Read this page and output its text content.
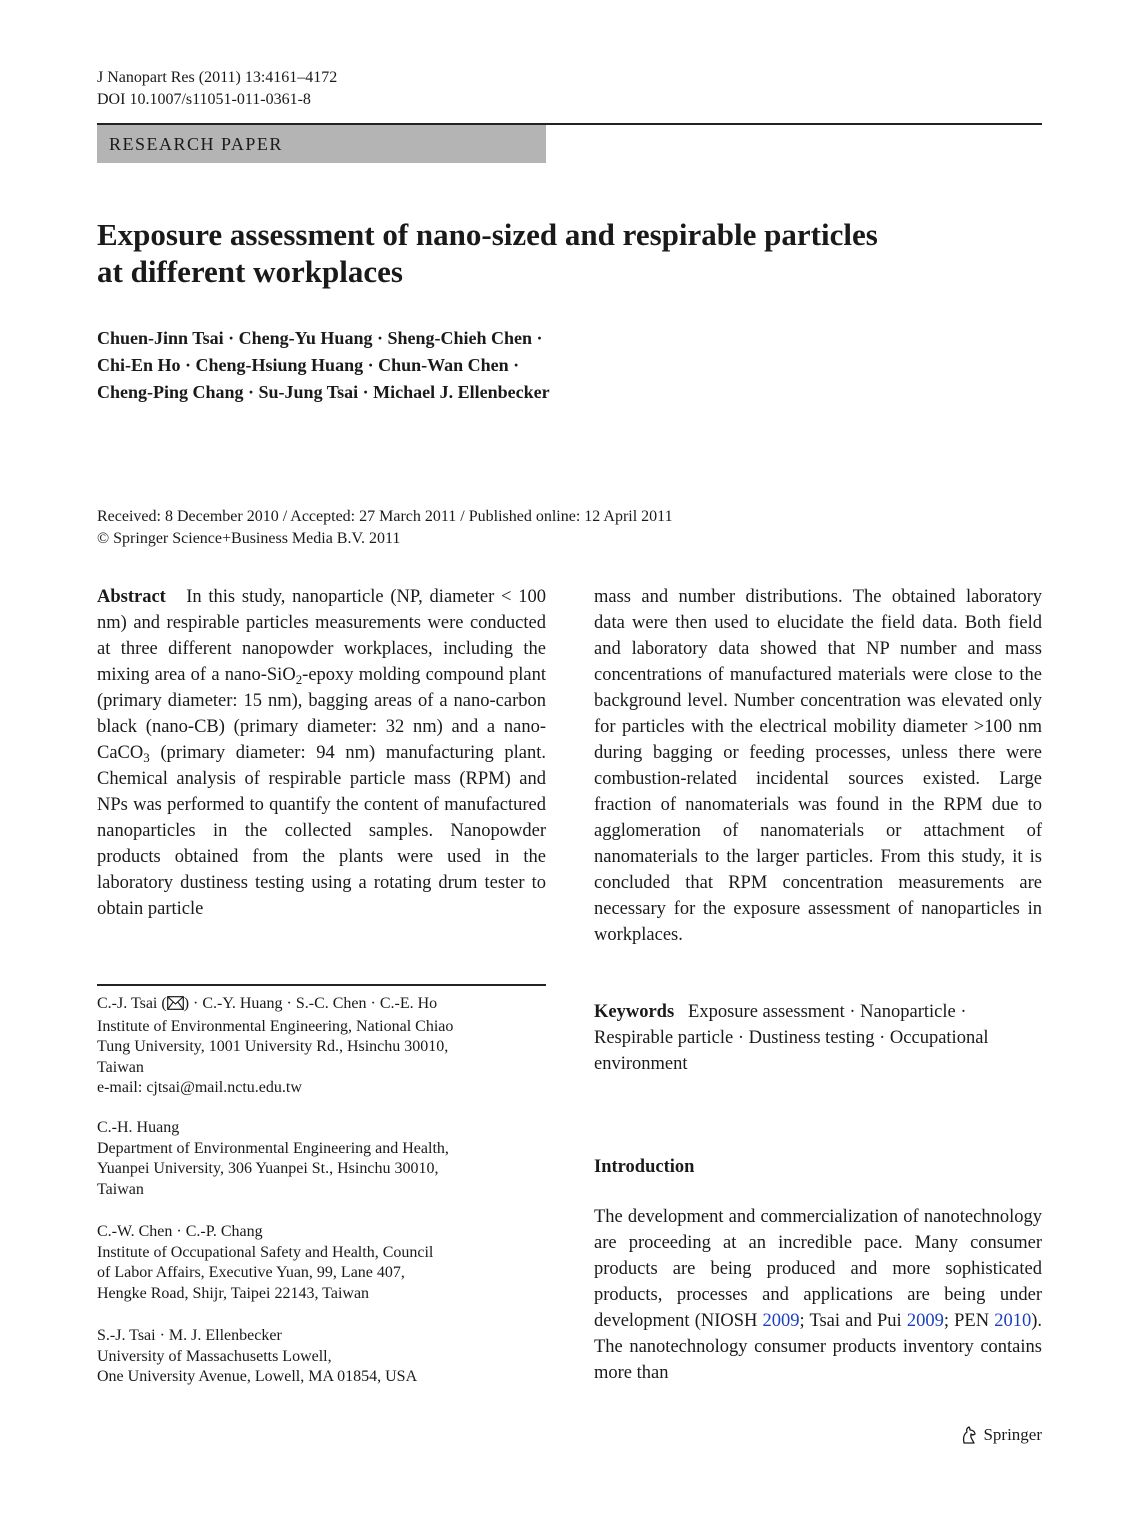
J Nanopart Res (2011) 13:4161–4172
DOI 10.1007/s11051-011-0361-8
RESEARCH PAPER
Exposure assessment of nano-sized and respirable particles
at different workplaces
Chuen-Jinn Tsai · Cheng-Yu Huang · Sheng-Chieh Chen ·
Chi-En Ho · Cheng-Hsiung Huang · Chun-Wan Chen ·
Cheng-Ping Chang · Su-Jung Tsai · Michael J. Ellenbecker
Received: 8 December 2010 / Accepted: 27 March 2011 / Published online: 12 April 2011
© Springer Science+Business Media B.V. 2011
Abstract In this study, nanoparticle (NP, diameter < 100 nm) and respirable particles measurements were conducted at three different nanopowder workplaces, including the mixing area of a nano-SiO$_2$-epoxy molding compound plant (primary diameter: 15 nm), bagging areas of a nano-carbon black (nano-CB) (primary diameter: 32 nm) and a nano-CaCO$_3$ (primary diameter: 94 nm) manufacturing plant. Chemical analysis of respirable particle mass (RPM) and NPs was performed to quantify the content of manufactured nanoparticles in the collected samples. Nanopowder products obtained from the plants were used in the laboratory dustiness testing using a rotating drum tester to obtain particle
mass and number distributions. The obtained laboratory data were then used to elucidate the field data. Both field and laboratory data showed that NP number and mass concentrations of manufactured materials were close to the background level. Number concentration was elevated only for particles with the electrical mobility diameter >100 nm during bagging or feeding processes, unless there were combustion-related incidental sources existed. Large fraction of nanomaterials was found in the RPM due to agglomeration of nanomaterials or attachment of nanomaterials to the larger particles. From this study, it is concluded that RPM concentration measurements are necessary for the exposure assessment of nanoparticles in workplaces.
C.-J. Tsai ( ) · C.-Y. Huang · S.-C. Chen · C.-E. Ho
Institute of Environmental Engineering, National Chiao
Tung University, 1001 University Rd., Hsinchu 30010,
Taiwan
e-mail: cjtsai@mail.nctu.edu.tw
C.-H. Huang
Department of Environmental Engineering and Health,
Yuanpei University, 306 Yuanpei St., Hsinchu 30010,
Taiwan
C.-W. Chen · C.-P. Chang
Institute of Occupational Safety and Health, Council
of Labor Affairs, Executive Yuan, 99, Lane 407,
Hengke Road, Shijr, Taipei 22143, Taiwan
S.-J. Tsai · M. J. Ellenbecker
University of Massachusetts Lowell,
One University Avenue, Lowell, MA 01854, USA
Keywords Exposure assessment · Nanoparticle · Respirable particle · Dustiness testing · Occupational environment
Introduction
The development and commercialization of nanotechnology are proceeding at an incredible pace. Many consumer products are being produced and more sophisticated products, processes and applications are being under development (NIOSH 2009; Tsai and Pui 2009; PEN 2010). The nanotechnology consumer products inventory contains more than
Springer
